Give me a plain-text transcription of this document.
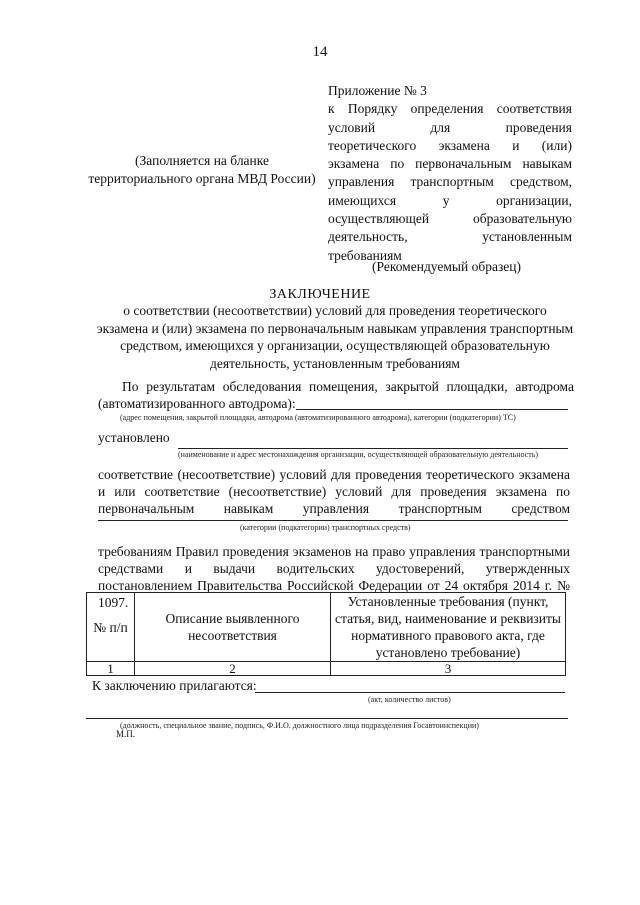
14
Приложение № 3
к Порядку определения соответствия
условий для проведения
теоретического экзамена и (или)
экзамена по первоначальным навыкам
управления транспортным средством,
имеющихся у организации,
осуществляющей образовательную
деятельность, установленным
требованиям
(Рекомендуемый образец)
(Заполняется на бланке территориального органа МВД России)
ЗАКЛЮЧЕНИЕ
о соответствии (несоответствии) условий для проведения теоретического экзамена и (или) экзамена по первоначальным навыкам управления транспортным средством, имеющихся у организации, осуществляющей образовательную деятельность, установленным требованиям
По результатам обследования помещения, закрытой площадки, автодрома
(автоматизированного автодрома):
(адрес помещения, закрытой площадки, автодрома (автоматизированного автодрома), категории (подкатегории) ТС)
установлено
(наименование и адрес местонахождения организации, осуществляющей образовательную деятельность)
соответствие (несоответствие) условий для проведения теоретического экзамена и или соответствие (несоответствие) условий для проведения экзамена по первоначальным навыкам управления транспортным средством
(категории (подкатегории) транспортных средств)
требованиям Правил проведения экзаменов на право управления транспортными средствами и выдачи водительских удостоверений, утвержденных постановлением Правительства Российской Федерации от 24 октября 2014 г. № 1097.
№ п/п	Описание выявленного несоответствия	Установленные требования (пункт, статья, вид, наименование и реквизиты нормативного правового акта, где установлено требование)
1	2	3
К заключению прилагаются:
(акт, количество листов)
(должность, специальное звание, подпись, Ф.И.О. должностного лица подразделения Госавтоинспекции)
М.П.
